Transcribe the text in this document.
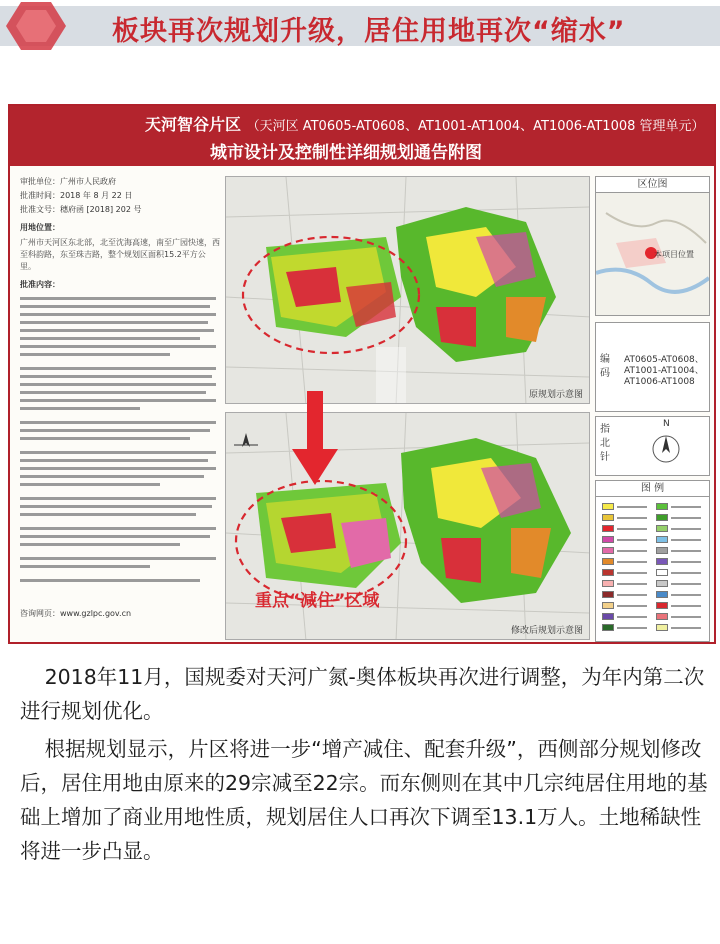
板块再次规划升级，居住用地再次“缩水”
天河智谷片区 （天河区 AT0605-AT0608、AT1001-AT1004、AT1006-AT1008 管理单元）
城市设计及控制性详细规划通告附图
审批单位：广州市人民政府
批准时间：2018 年 8 月 22 日
批准文号：穗府函 [2018] 202 号
用地位置：
广州市天河区东北部，北至沈海高速，南至广园快速，西至科韵路，东至珠吉路，整个规划区面积15.2平方公里。
批准内容：
咨询网页：www.gzlpc.gov.cn
原规划示意图
修改后规划示意图
重点“减住”区域
区位图
本项目位置
编码
AT0605-AT0608、AT1001-AT1004、AT1006-AT1008
指北针
N
图 例

2018年11月，国规委对天河广氮-奥体板块再次进行调整，为年内第二次进行规划优化。

根据规划显示，片区将进一步“增产减住、配套升级”，西侧部分规划修改后，居住用地由原来的29宗减至22宗。而东侧则在其中几宗纯居住用地的基础上增加了商业用地性质，规划居住人口再次下调至13.1万人。土地稀缺性将进一步凸显。
